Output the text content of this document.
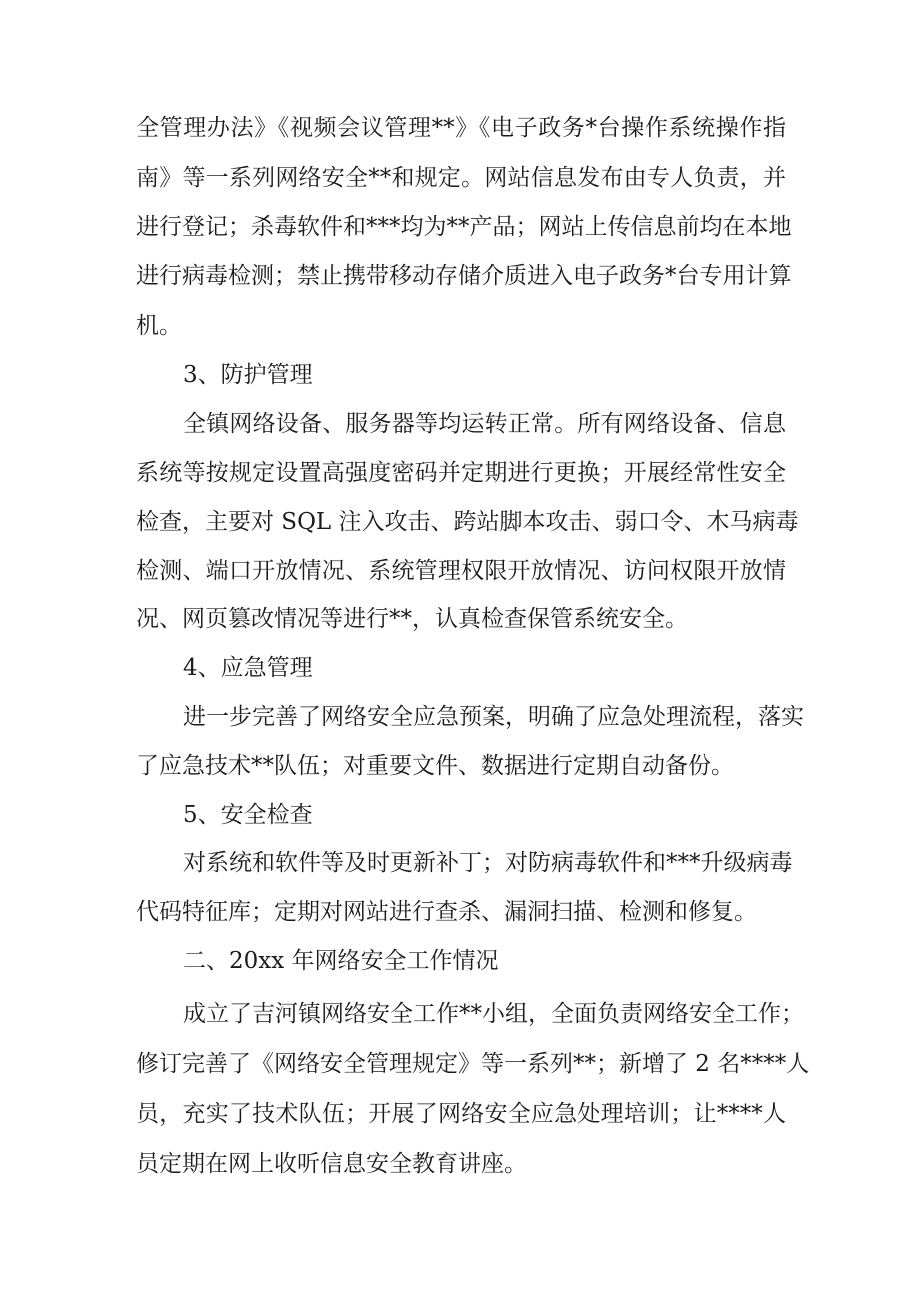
全管理办法》《视频会议管理**》《电子政务*台操作系统操作指
南》等一系列网络安全**和规定。网站信息发布由专人负责，并
进行登记；杀毒软件和***均为**产品；网站上传信息前均在本地
进行病毒检测；禁止携带移动存储介质进入电子政务*台专用计算
机。
3、防护管理
全镇网络设备、服务器等均运转正常。所有网络设备、信息
系统等按规定设置高强度密码并定期进行更换；开展经常性安全
检查，主要对 SQL 注入攻击、跨站脚本攻击、弱口令、木马病毒
检测、端口开放情况、系统管理权限开放情况、访问权限开放情
况、网页篡改情况等进行**，认真检查保管系统安全。
4、应急管理
进一步完善了网络安全应急预案，明确了应急处理流程，落实
了应急技术**队伍；对重要文件、数据进行定期自动备份。
5、安全检查
对系统和软件等及时更新补丁；对防病毒软件和***升级病毒
代码特征库；定期对网站进行查杀、漏洞扫描、检测和修复。
二、20xx 年网络安全工作情况
成立了吉河镇网络安全工作**小组，全面负责网络安全工作；
修订完善了《网络安全管理规定》等一系列**；新增了 2 名****人
员，充实了技术队伍；开展了网络安全应急处理培训；让****人
员定期在网上收听信息安全教育讲座。
